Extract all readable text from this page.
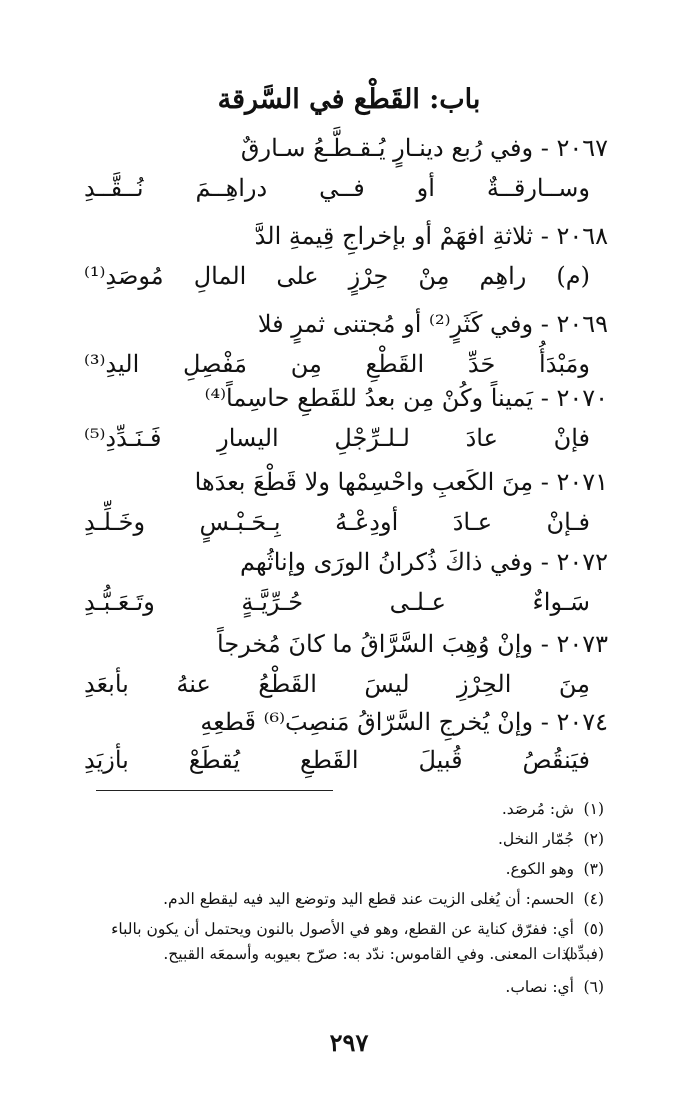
باب: القَطْع في السَّرقة
٢٠٦٧ - وفي رُبع دينـارٍ يُـقـطَّـعُ سـارقٌ
وســارقــةٌ أو فــي دراهِــمَ نُــقَّــدِ
٢٠٦٨ - ثلاثةِ افهَمْ أو بإخراجِ قِيمةِ الدَّ
(م) راهِم مِنْ حِرْزٍ على المالِ مُوصَدِ⁽¹⁾
٢٠٦٩ - وفي كَثَرٍ⁽²⁾ أو مُجتنى ثمرٍ فلا
ومَبْدَأُ حَدِّ القَطْعِ مِن مَفْصِلِ اليدِ⁽³⁾
٢٠٧٠ - يَميناً وكُنْ مِن بعدُ للقَطعِ حاسِماً⁽⁴⁾
فإنْ عادَ لـلـرِّجْلِ اليسارِ فَـنَـدِّدِ⁽⁵⁾
٢٠٧١ - مِنَ الكَعبِ واحْسِمْها ولا قَطْعَ بعدَها
فـإنْ عـادَ أودِعْـهُ بِـحَـبْـسٍ وخَـلِّـدِ
٢٠٧٢ - وفي ذاكَ ذُكرانُ الورَى وإناثُهم
سَـواءٌ عـلـى حُـرِّيَّـةٍ وتَـعَـبُّـدِ
٢٠٧٣ - وإنْ وُهِبَ السَّرَّاقُ ما كانَ مُخرجاً
مِنَ الحِرْزِ ليسَ القَطْعُ عنهُ بأبعَدِ
٢٠٧٤ - وإنْ يُخرجِ السَّرّاقُ مَنصِبَ⁽⁶⁾ قَطعِهِ
فيَنقُصُ قُبيلَ القَطعِ يُقطَعْ بأزيَدِ
(١)ش: مُرصَد.
(٢)جُمّار النخل.
(٣)وهو الكوع.
(٤)الحسم: أن يُغلى الزيت عند قطع اليد وتوضع اليد فيه ليقطع الدم.
(٥)أي: ففرّق كناية عن القطع، وهو في الأصول بالنون ويحتمل أن يكون بالباء (فبدِّد)
لذات المعنى. وفي القاموس: ندّد به: صرّح بعيوبه وأسمعَه القبيح.
(٦)أي: نصاب.
٢٩٧
